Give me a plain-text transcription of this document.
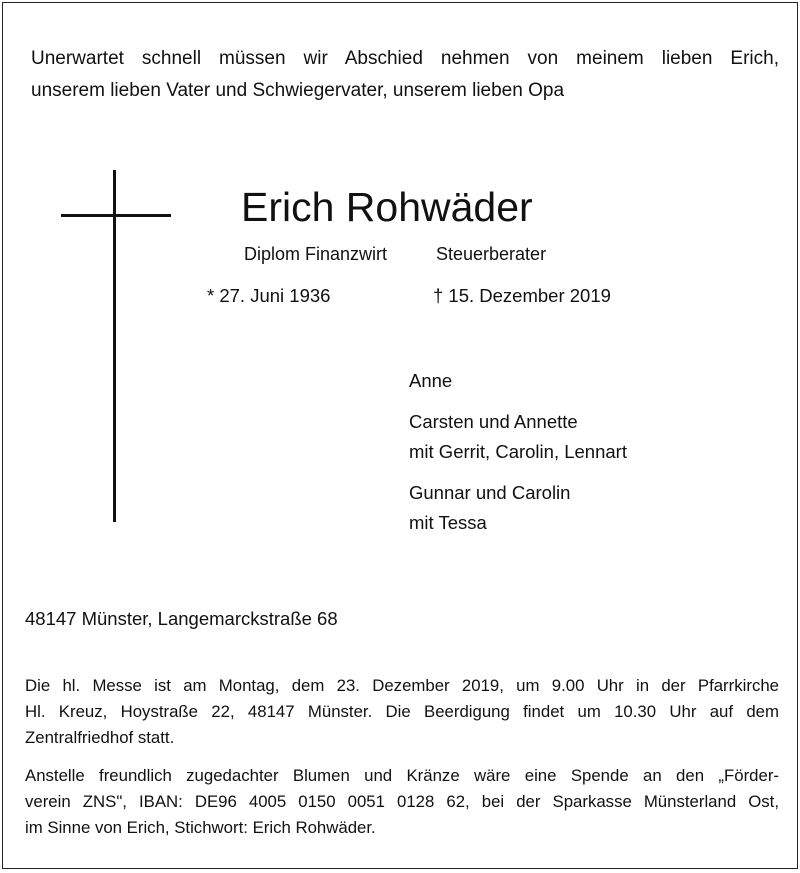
Unerwartet schnell müssen wir Abschied nehmen von meinem lieben Erich,
unserem lieben Vater und Schwiegervater, unserem lieben Opa
Erich Rohwäder
Diplom Finanzwirt	Steuerberater
* 27. Juni 1936	† 15. Dezember 2019
Anne
Carsten und Annette
mit Gerrit, Carolin, Lennart
Gunnar und Carolin
mit Tessa
48147 Münster, Langemarckstraße 68
Die hl. Messe ist am Montag, dem 23. Dezember 2019, um 9.00 Uhr in der Pfarrkirche
Hl. Kreuz, Hoystraße 22, 48147 Münster. Die Beerdigung findet um 10.30 Uhr auf dem
Zentralfriedhof statt.
Anstelle freundlich zugedachter Blumen und Kränze wäre eine Spende an den „Förder-
verein ZNS", IBAN: DE96 4005 0150 0051 0128 62, bei der Sparkasse Münsterland Ost,
im Sinne von Erich, Stichwort: Erich Rohwäder.
